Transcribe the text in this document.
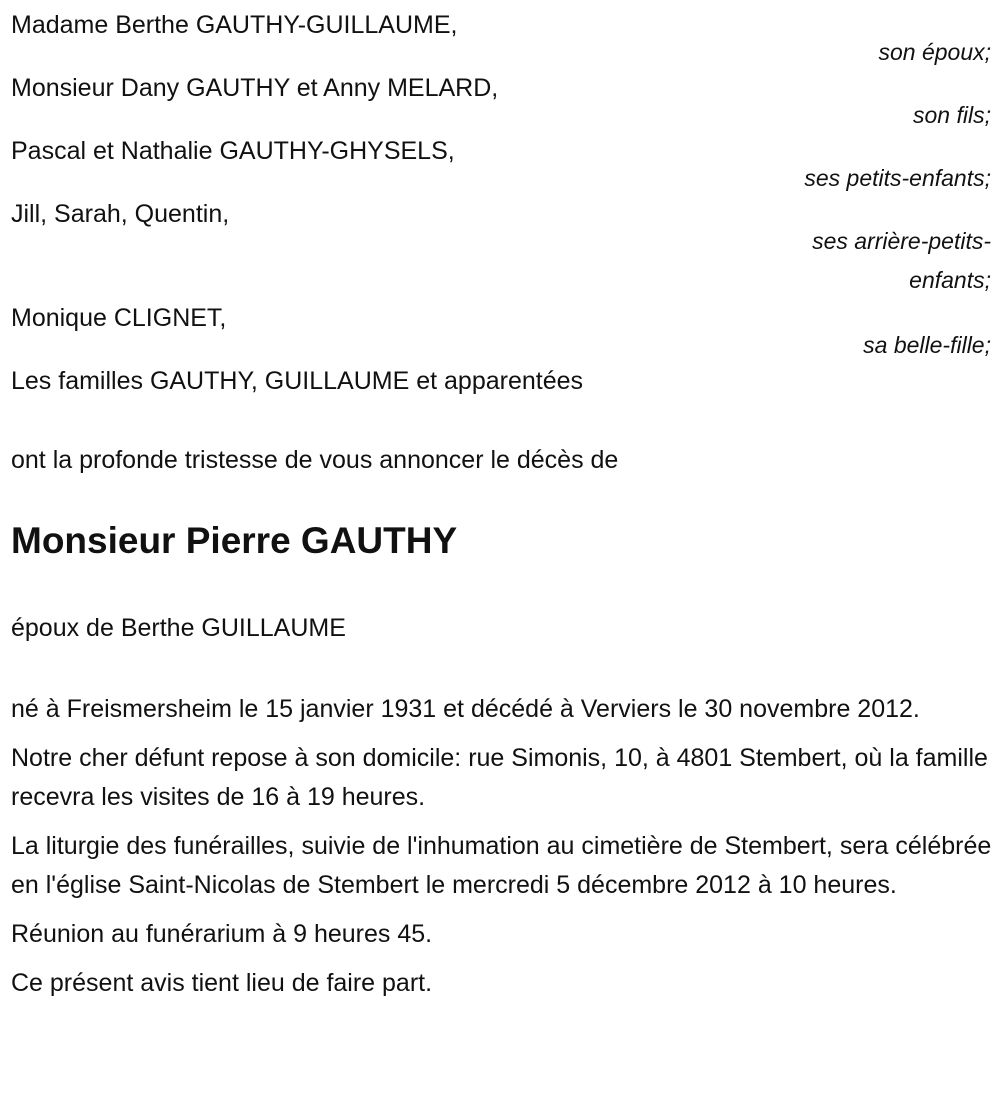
Madame Berthe GAUTHY-GUILLAUME,
son époux;
Monsieur Dany GAUTHY et Anny MELARD,
son fils;
Pascal et Nathalie GAUTHY-GHYSELS,
ses petits-enfants;
Jill, Sarah, Quentin,
ses arrière-petits-enfants;
Monique CLIGNET,
sa belle-fille;
Les familles GAUTHY, GUILLAUME et apparentées
ont la profonde tristesse de vous annoncer le décès de
Monsieur Pierre GAUTHY
époux de Berthe GUILLAUME

né à Freismersheim le 15 janvier 1931 et décédé à Verviers le 30 novembre 2012.

Notre cher défunt repose à son domicile: rue Simonis, 10, à 4801 Stembert, où la famille recevra les visites de 16 à 19 heures.

La liturgie des funérailles, suivie de l'inhumation au cimetière de Stembert, sera célébrée en l'église Saint-Nicolas de Stembert le mercredi 5 décembre 2012 à 10 heures.

Réunion au funérarium à 9 heures 45.

Ce présent avis tient lieu de faire part.
